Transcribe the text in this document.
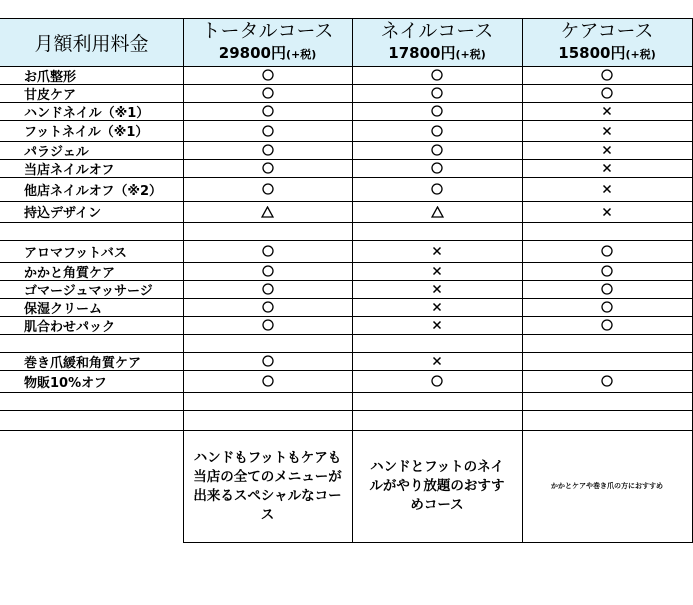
月額利用料金
トータルコース
29800円(+税)
ネイルコース
17800円(+税)
ケアコース
15800円(+税)
お爪整形
甘皮ケア
ハンドネイル（※1）
フットネイル（※1）
パラジェル
当店ネイルオフ
他店ネイルオフ（※2）
持込デザイン
アロマフットバス
かかと角質ケア
ゴマージュマッサージ
保湿クリーム
肌合わせパック
巻き爪緩和角質ケア
物販10%オフ
ハンドもフットもケアも当店の全てのメニューが出来るスペシャルなコース
ハンドとフットのネイルがやり放題のおすすめコース
かかとケアや巻き爪の方におすすめ
